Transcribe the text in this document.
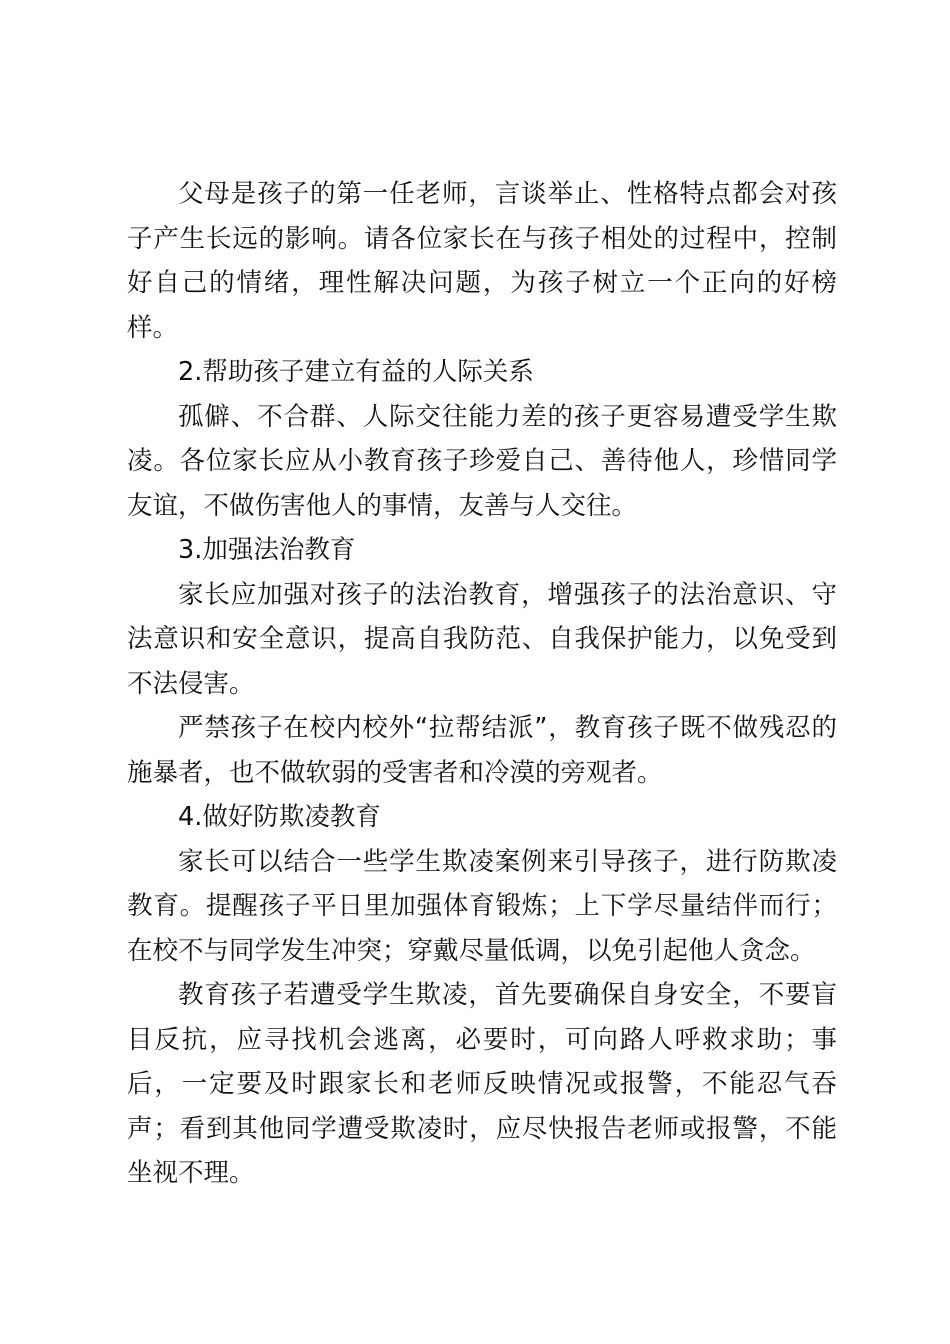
父母是孩子的第一任老师，言谈举止、性格特点都会对孩子产生长远的影响。请各位家长在与孩子相处的过程中，控制好自己的情绪，理性解决问题，为孩子树立一个正向的好榜样。

2.帮助孩子建立有益的人际关系

孤僻、不合群、人际交往能力差的孩子更容易遭受学生欺凌。各位家长应从小教育孩子珍爱自己、善待他人，珍惜同学友谊，不做伤害他人的事情，友善与人交往。

3.加强法治教育

家长应加强对孩子的法治教育，增强孩子的法治意识、守法意识和安全意识，提高自我防范、自我保护能力，以免受到不法侵害。

严禁孩子在校内校外“拉帮结派”，教育孩子既不做残忍的施暴者，也不做软弱的受害者和冷漠的旁观者。

4.做好防欺凌教育

家长可以结合一些学生欺凌案例来引导孩子，进行防欺凌教育。提醒孩子平日里加强体育锻炼；上下学尽量结伴而行；在校不与同学发生冲突；穿戴尽量低调，以免引起他人贪念。

教育孩子若遭受学生欺凌，首先要确保自身安全，不要盲目反抗，应寻找机会逃离，必要时，可向路人呼救求助；事后，一定要及时跟家长和老师反映情况或报警，不能忍气吞声；看到其他同学遭受欺凌时，应尽快报告老师或报警，不能坐视不理。
